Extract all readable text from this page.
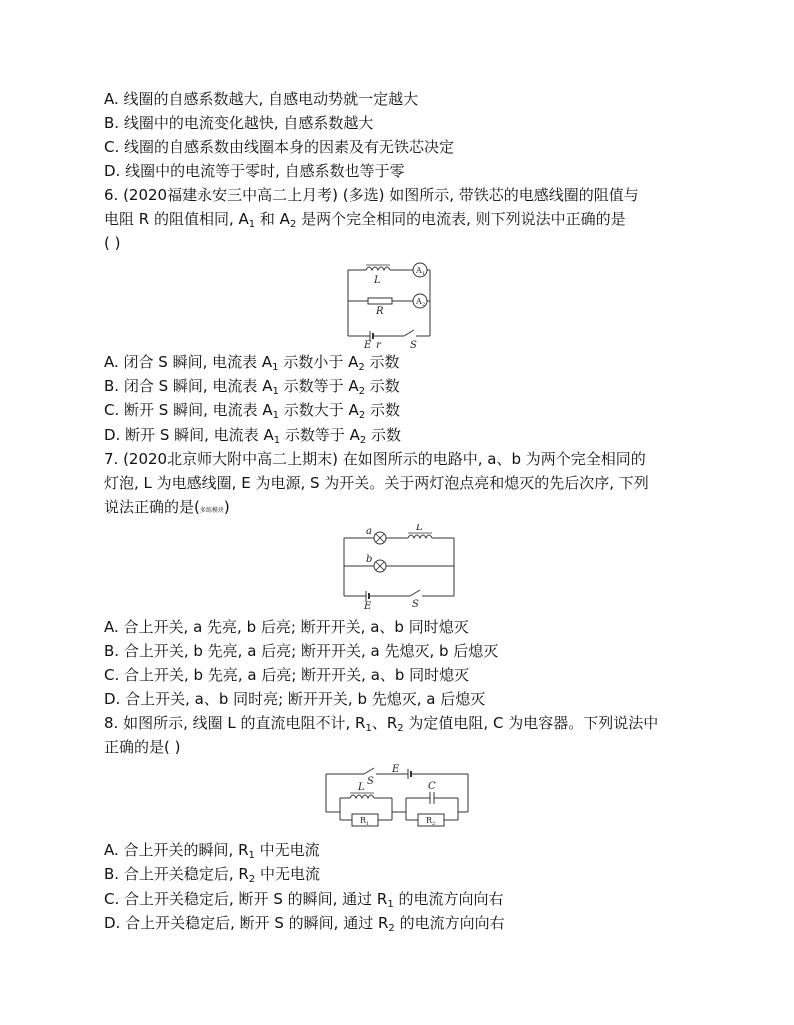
A. 线圈的自感系数越大, 自感电动势就一定越大
B. 线圈中的电流变化越快, 自感系数越大
C. 线圈的自感系数由线圈本身的因素及有无铁芯决定
D. 线圈中的电流等于零时, 自感系数也等于零
6. (2020福建永安三中高二上月考) (多选) 如图所示, 带铁芯的电感线圈的阻值与
电阻 R 的阻值相同, $A_1$ 和 $A_2$ 是两个完全相同的电流表, 则下列说法中正确的是
( )
A 1
L
A 2
R
E r	S
A. 闭合 S 瞬间, 电流表 $A_1$ 示数小于 $A_2$ 示数
B. 闭合 S 瞬间, 电流表 $A_1$ 示数等于 $A_2$ 示数
C. 断开 S 瞬间, 电流表 $A_1$ 示数大于 $A_2$ 示数
D. 断开 S 瞬间, 电流表 $A_1$ 示数等于 $A_2$ 示数
7. (2020北京师大附中高二上期末) 在如图所示的电路中, a、b 为两个完全相同的
灯泡, L 为电感线圈, E 为电源, S 为开关。关于两灯泡点亮和熄灭的先后次序, 下列
说法正确的是(多练模块)
a	L
b
E	S
A. 合上开关, a 先亮, b 后亮; 断开开关, a、b 同时熄灭
B. 合上开关, b 先亮, a 后亮; 断开开关, a 先熄灭, b 后熄灭
C. 合上开关, b 先亮, a 后亮; 断开开关, a、b 同时熄灭
D. 合上开关, a、b 同时亮; 断开开关, b 先熄灭, a 后熄灭
8. 如图所示, 线圈 L 的直流电阻不计, $R_1$、$R_2$ 为定值电阻, C 为电容器。下列说法中
正确的是( )
S
E
L
R 1
C
R 2
A. 合上开关的瞬间, $R_1$ 中无电流
B. 合上开关稳定后, $R_2$ 中无电流
C. 合上开关稳定后, 断开 S 的瞬间, 通过 $R_1$ 的电流方向向右
D. 合上开关稳定后, 断开 S 的瞬间, 通过 $R_2$ 的电流方向向右
